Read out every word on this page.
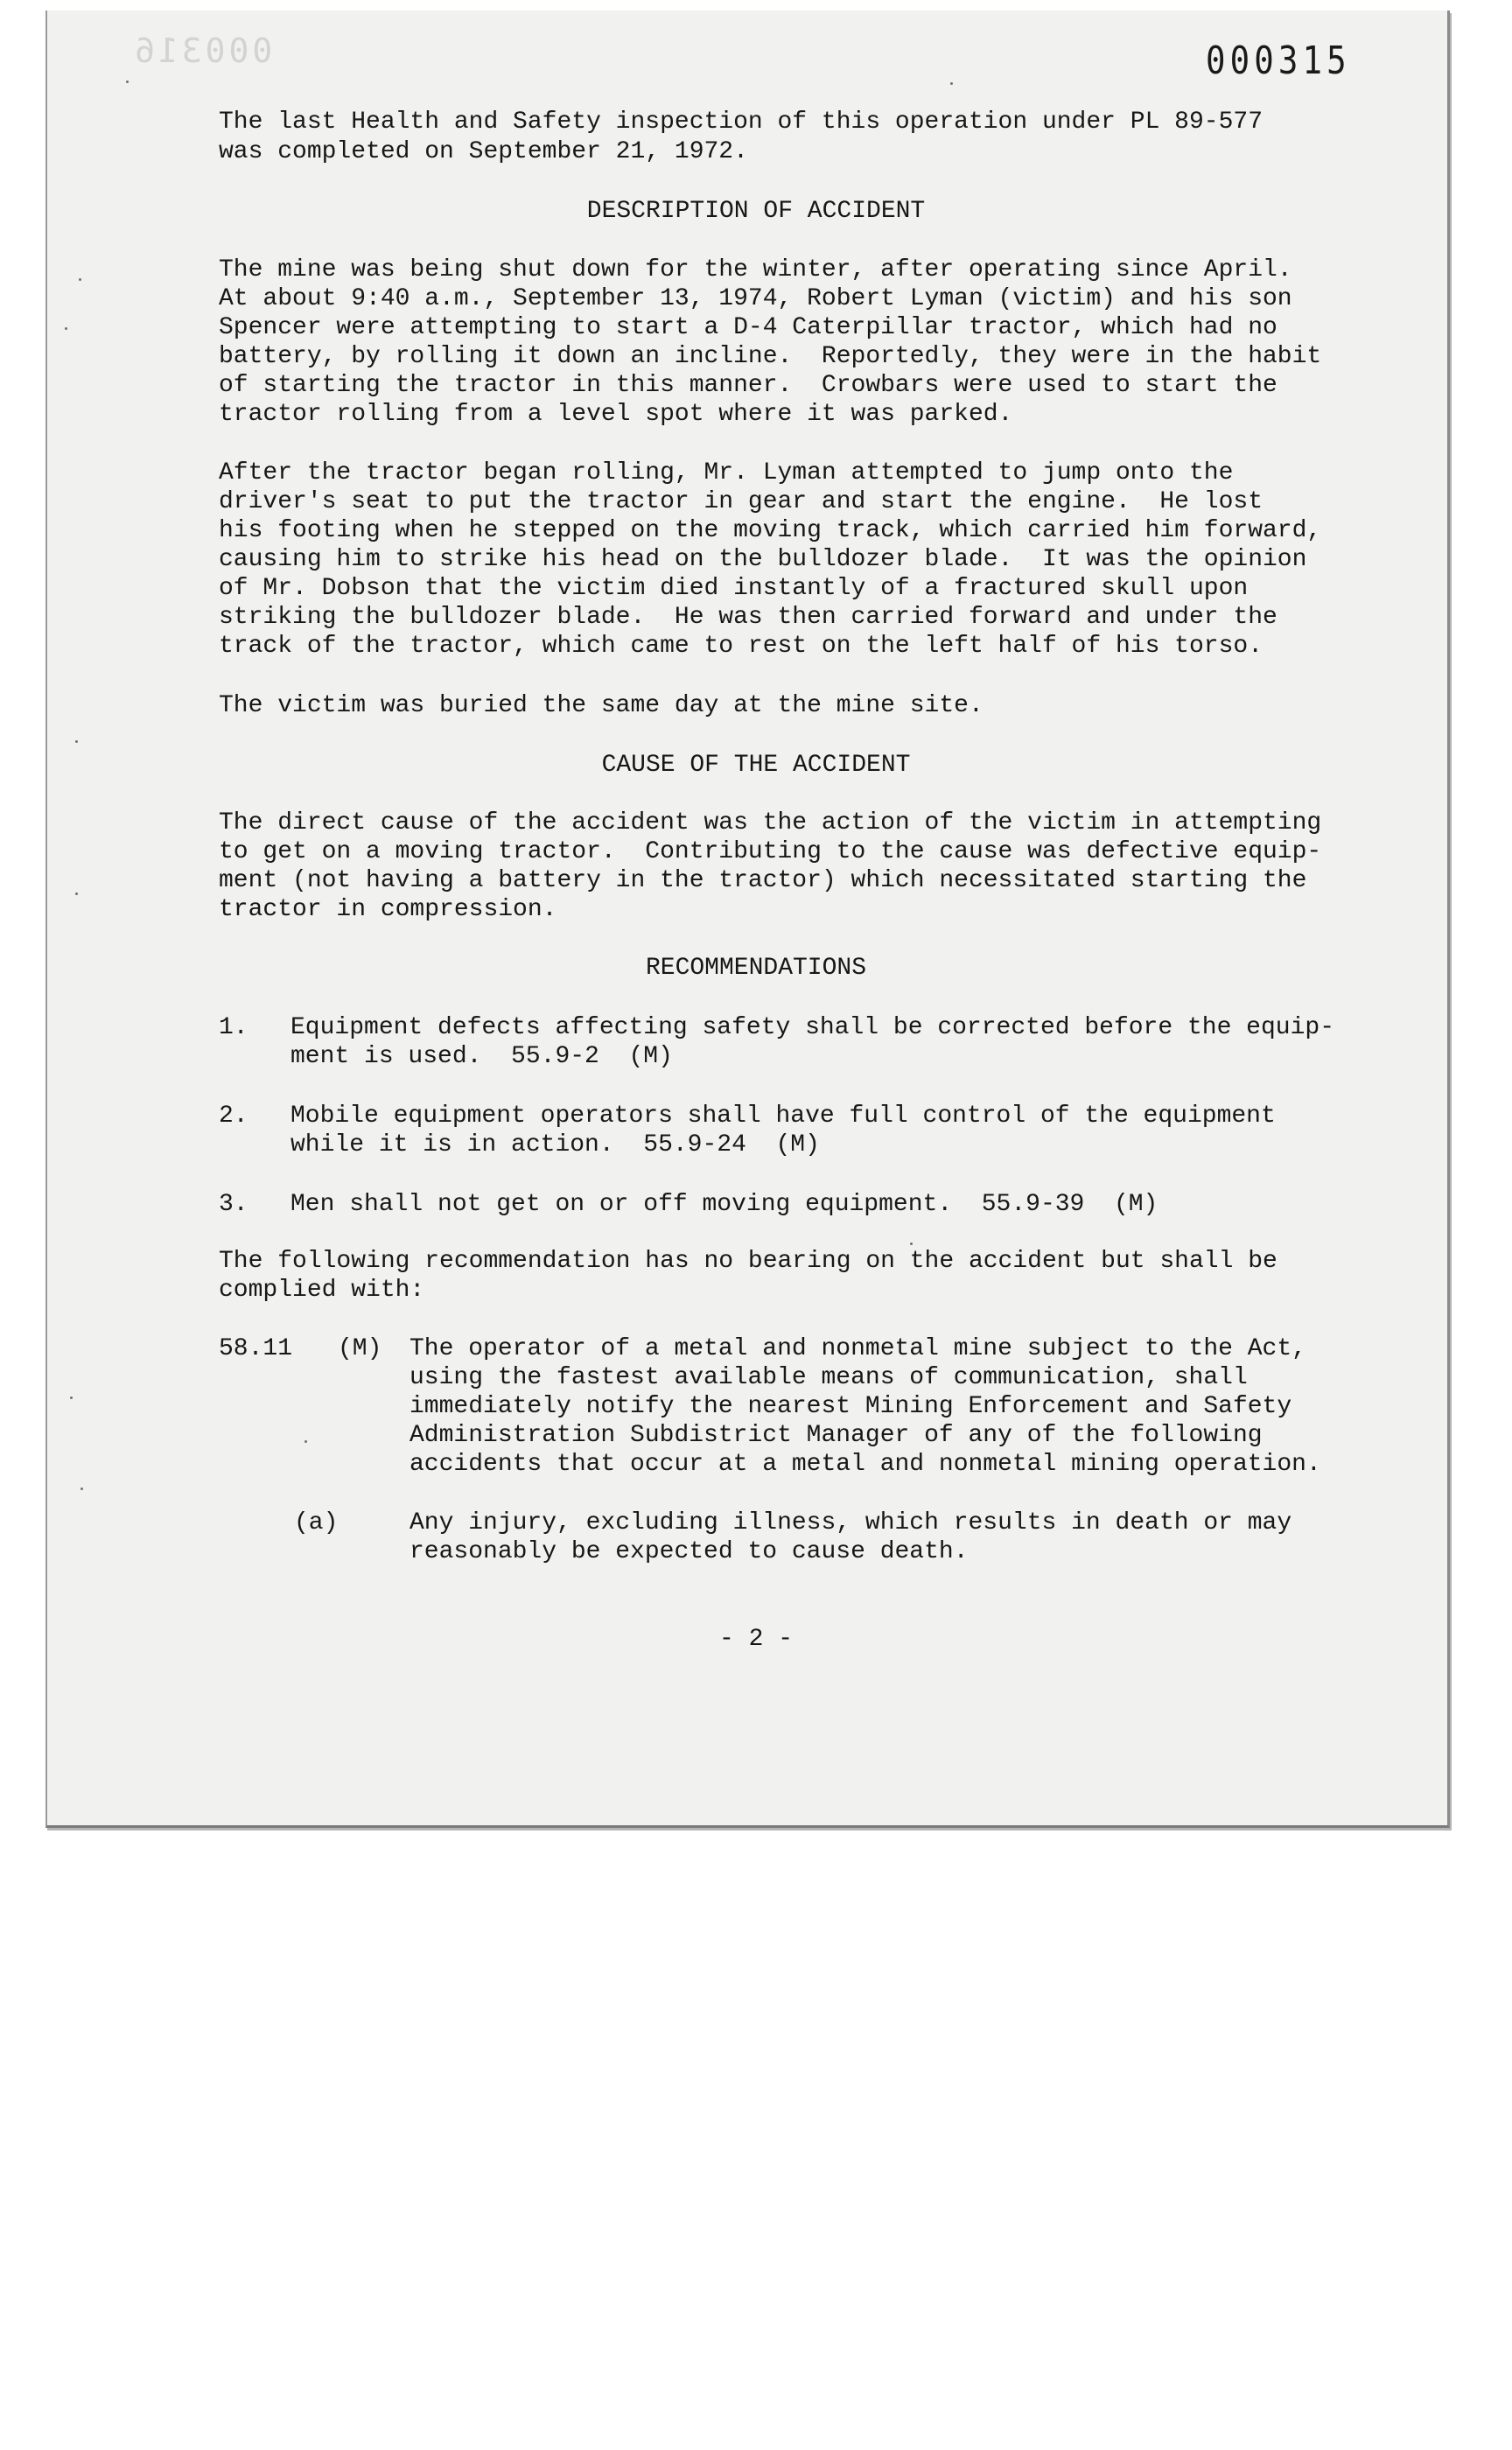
000316	000315

The last Health and Safety inspection of this operation under PL 89-577

was completed on September 21, 1972.

DESCRIPTION OF ACCIDENT

The mine was being shut down for the winter, after operating since April.

At about 9:40 a.m., September 13, 1974, Robert Lyman (victim) and his son

Spencer were attempting to start a D-4 Caterpillar tractor, which had no

battery, by rolling it down an incline.  Reportedly, they were in the habit

of starting the tractor in this manner.  Crowbars were used to start the

tractor rolling from a level spot where it was parked.

After the tractor began rolling, Mr. Lyman attempted to jump onto the

driver's seat to put the tractor in gear and start the engine.  He lost

his footing when he stepped on the moving track, which carried him forward,

causing him to strike his head on the bulldozer blade.  It was the opinion

of Mr. Dobson that the victim died instantly of a fractured skull upon

striking the bulldozer blade.  He was then carried forward and under the

track of the tractor, which came to rest on the left half of his torso.

The victim was buried the same day at the mine site.

CAUSE OF THE ACCIDENT

The direct cause of the accident was the action of the victim in attempting

to get on a moving tractor.  Contributing to the cause was defective equip-

ment (not having a battery in the tractor) which necessitated starting the

tractor in compression.

RECOMMENDATIONS

1. Equipment defects affecting safety shall be corrected before the equip-

ment is used.  55.9-2  (M)

2. Mobile equipment operators shall have full control of the equipment

while it is in action.  55.9-24  (M)

3. Men shall not get on or off moving equipment.  55.9-39  (M)

The following recommendation has no bearing on the accident but shall be

complied with:

58.11 (M) The operator of a metal and nonmetal mine subject to the Act,

using the fastest available means of communication, shall

immediately notify the nearest Mining Enforcement and Safety

Administration Subdistrict Manager of any of the following

accidents that occur at a metal and nonmetal mining operation.

(a)	Any injury, excluding illness, which results in death or may

reasonably be expected to cause death.

- 2 -
